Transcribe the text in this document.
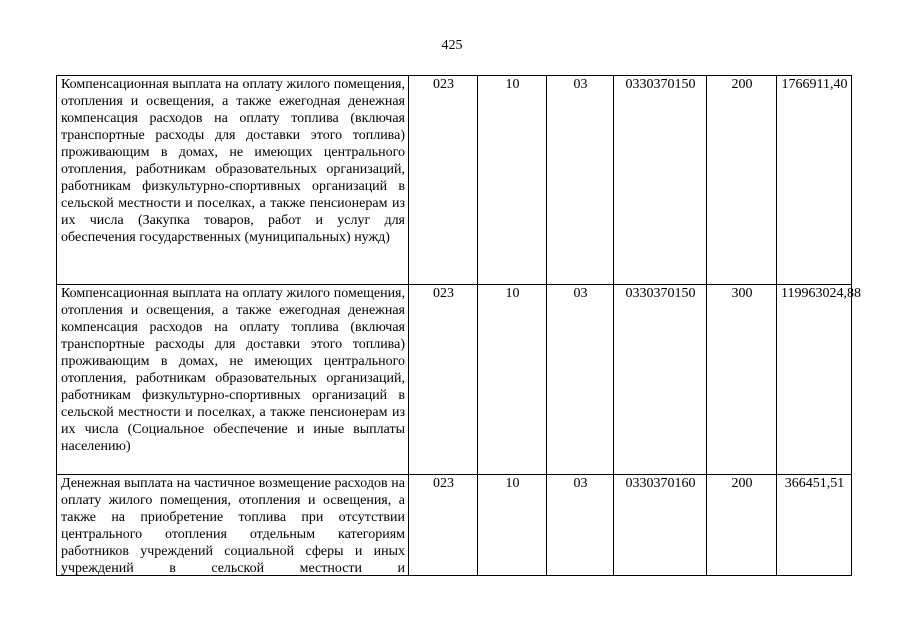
425
Компенсационная выплата на оплату жилого помещения, отопления и освещения, а также ежегодная денежная компенсация расходов на оплату топлива (включая транспортные расходы для доставки этого топлива) проживающим в домах, не имеющих центрального отопления, работникам образовательных организаций, работникам физкультурно-спортивных организаций в сельской местности и поселках, а также пенсионерам из их числа (Закупка товаров, работ и услуг для обеспечения государственных (муниципальных) нужд)	023	10	03	0330370150	200	1766911,40
Компенсационная выплата на оплату жилого помещения, отопления и освещения, а также ежегодная денежная компенсация расходов на оплату топлива (включая транспортные расходы для доставки этого топлива) проживающим в домах, не имеющих центрального отопления, работникам образовательных организаций, работникам физкультурно-спортивных организаций в сельской местности и поселках, а также пенсионерам из их числа (Социальное обеспечение и иные выплаты населению)	023	10	03	0330370150	300	119963024,88

Денежная выплата на частичное возмещение расходов на оплату жилого помещения, отопления и освещения, а также на приобретение топлива при отсутствии центрального отопления отдельным категориям работников учреждений социальной сферы и иных учреждений в сельской местности и	023	10	03	0330370160	200	366451,51
